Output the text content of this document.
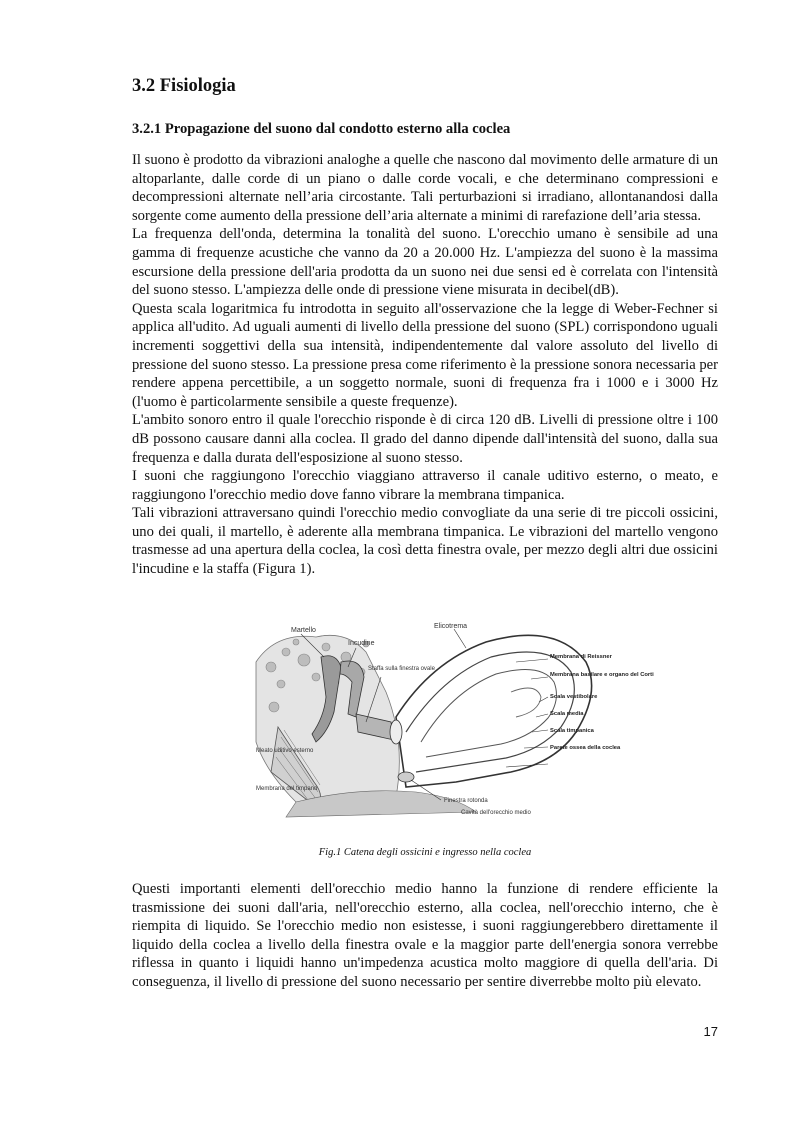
3.2 Fisiologia
3.2.1 Propagazione del suono dal condotto esterno alla coclea

Il suono è prodotto da vibrazioni analoghe a quelle che nascono dal movimento delle armature di un altoparlante, dalle corde di un piano o dalle corde vocali, e che determinano compressioni e decompressioni alternate nell’aria circostante. Tali perturbazioni si irradiano, allontanandosi dalla sorgente come aumento della pressione dell’aria alternate a minimi di rarefazione dell’aria stessa.

La frequenza dell'onda, determina la tonalità del suono. L'orecchio umano è sensibile ad una gamma di frequenze acustiche che vanno da 20 a 20.000 Hz. L'ampiezza del suono è la massima escursione della pressione dell'aria prodotta da un suono nei due sensi ed è correlata con l'intensità del suono stesso. L'ampiezza delle onde di pressione viene misurata in decibel(dB).

Questa scala logaritmica fu introdotta in seguito all'osservazione che la legge di Weber-Fechner si applica all'udito. Ad uguali aumenti di livello della pressione del suono (SPL) corrispondono uguali incrementi soggettivi della sua intensità, indipendentemente dal valore assoluto del livello di pressione del suono stesso. La pressione presa come riferimento è la pressione sonora necessaria per rendere appena percettibile, a un soggetto normale, suoni di frequenza fra i 1000 e i 3000 Hz (l'uomo è particolarmente sensibile a queste frequenze).

L'ambito sonoro entro il quale l'orecchio risponde è di circa 120 dB. Livelli di pressione oltre i 100 dB possono causare danni alla coclea. Il grado del danno dipende dall'intensità del suono, dalla sua frequenza e dalla durata dell'esposizione al suono stesso.

I suoni che raggiungono l'orecchio viaggiano attraverso il canale uditivo esterno, o meato, e raggiungono l'orecchio medio dove fanno vibrare la membrana timpanica.

Tali vibrazioni attraversano quindi l'orecchio medio convogliate da una serie di tre piccoli ossicini, uno dei quali, il martello, è aderente alla membrana timpanica. Le vibrazioni del martello vengono trasmesse ad una apertura della coclea, la così detta finestra ovale, per mezzo degli altri due ossicini l'incudine e la staffa (Figura 1).

Martello
Incudine
Elicotrema
Staffa sulla finestra ovale
Meato uditivo esterno
Membrana del timpano
Finestra rotonda
Cavità dell'orecchio medio
Membrana di Reissner
Membrana basilare e organo del Corti
Scala vestibolare
Scala media
Scala timpanica
Parete ossea della coclea
Fig.1 Catena degli ossicini e ingresso nella coclea

Questi importanti elementi dell'orecchio medio hanno la funzione di rendere efficiente la trasmissione dei suoni dall'aria, nell'orecchio esterno, alla coclea, nell'orecchio interno, che è riempita di liquido. Se l'orecchio medio non esistesse, i suoni raggiungerebbero direttamente il liquido della coclea a livello della finestra ovale e la maggior parte dell'energia sonora verrebbe riflessa in quanto i liquidi hanno un'impedenza acustica molto maggiore di quella dell'aria. Di conseguenza, il livello di pressione del suono necessario per sentire diverrebbe molto più elevato.

17
